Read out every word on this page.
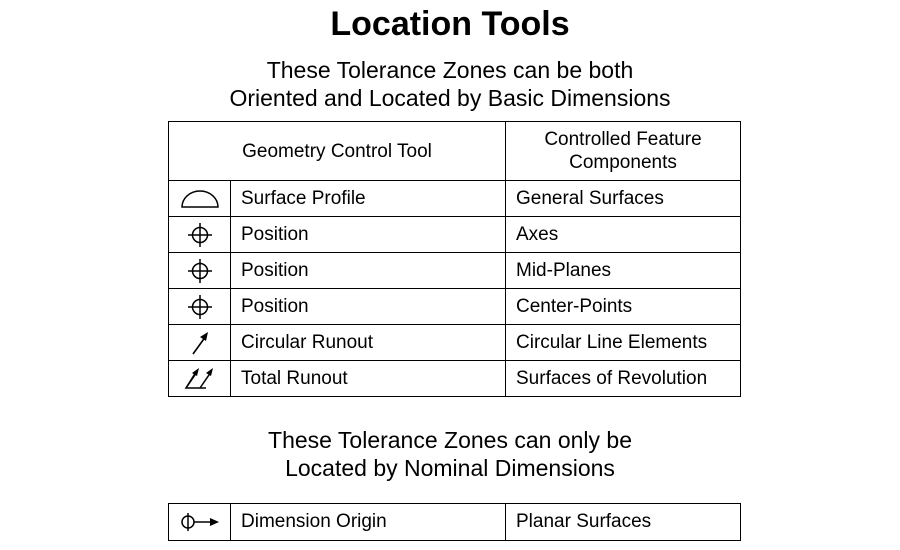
Location Tools
These Tolerance Zones can be both
Oriented and Located by Basic Dimensions
Geometry Control Tool		Controlled Feature
Components

	Surface Profile	General Surfaces

	Position	Axes

	Position	Mid-Planes

	Position	Center-Points

	Circular Runout	Circular Line Elements

	Total Runout	Surfaces of Revolution
These Tolerance Zones can only be
Located by Nominal Dimensions
	Dimension Origin	Planar Surfaces
